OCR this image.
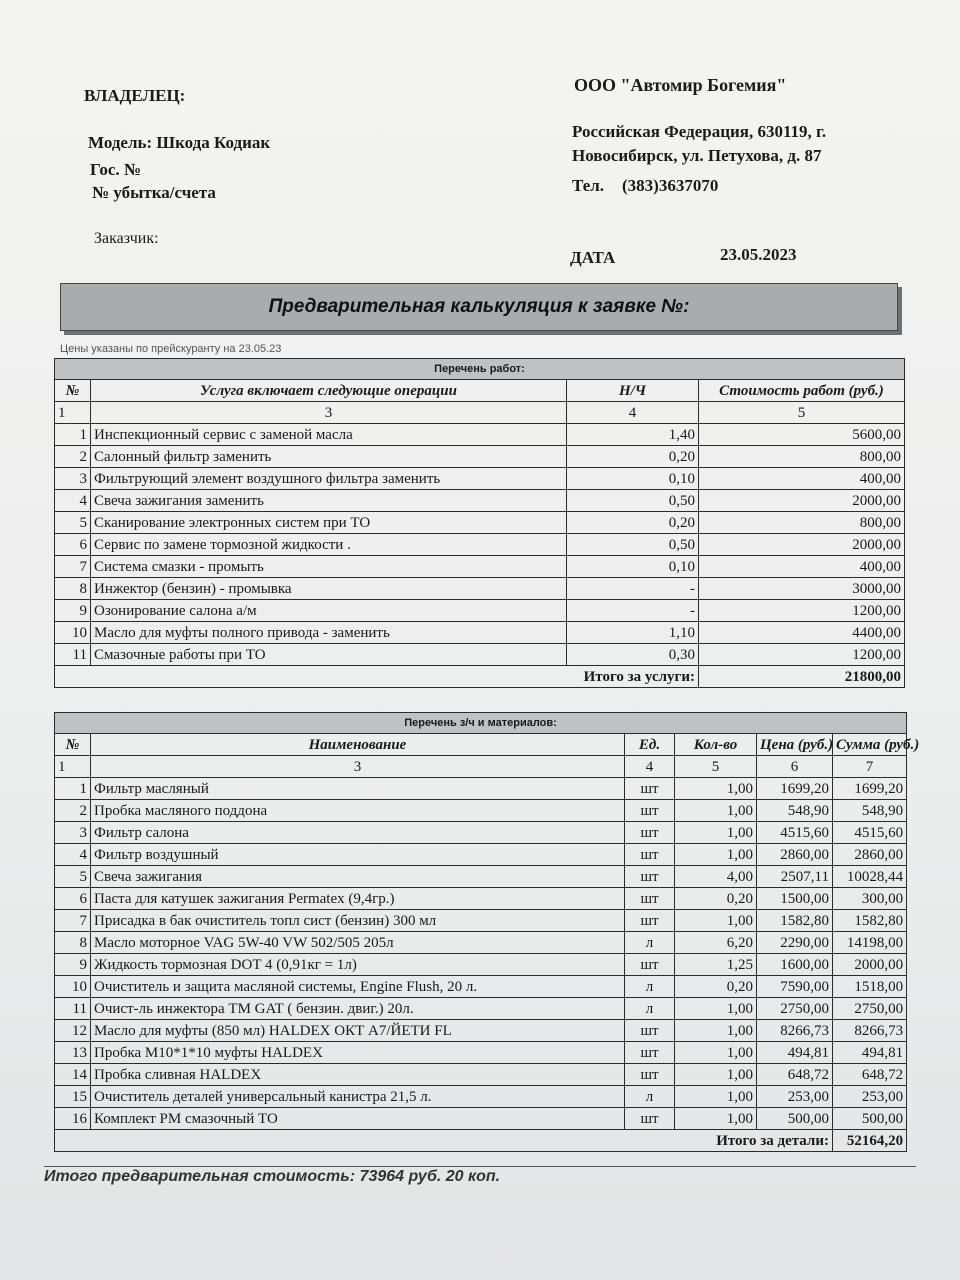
ВЛАДЕЛЕЦ:
Модель: Шкода Кодиак
Гос. №
№ убытка/счета
Заказчик:
ООО "Автомир Богемия"
Российская Федерация, 630119, г.
Новосибирск, ул. Петухова, д. 87
Тел. (383)3637070
ДАТА	23.05.2023
Предварительная калькуляция к заявке №:
Цены указаны по прейскуранту на 23.05.23
Перечень работ:			
№	Услуга включает следующие операции	Н/Ч	Стоимость работ (руб.)
1	3	4	5
1	Инспекционный сервис с заменой масла	1,40	5600,00
2	Салонный фильтр заменить	0,20	800,00
3	Фильтрующий элемент воздушного фильтра заменить	0,10	400,00
4	Свеча зажигания заменить	0,50	2000,00
5	Сканирование электронных систем при ТО	0,20	800,00
6	Сервис по замене тормозной жидкости .	0,50	2000,00
7	Система смазки - промыть	0,10	400,00
8	Инжектор (бензин) - промывка	-	3000,00
9	Озонирование салона а/м	-	1200,00
10	Масло для муфты полного привода - заменить	1,10	4400,00
11	Смазочные работы при ТО	0,30	1200,00
Итого за услуги:			21800,00
Перечень з/ч и материалов:					
№	Наименование	Ед.	Кол-во	Цена (руб.)	Сумма (руб.)
1	3	4	5	6	7
1	Фильтр масляный	шт	1,00	1699,20	1699,20
2	Пробка масляного поддона	шт	1,00	548,90	548,90
3	Фильтр салона	шт	1,00	4515,60	4515,60
4	Фильтр воздушный	шт	1,00	2860,00	2860,00
5	Свеча зажигания	шт	4,00	2507,11	10028,44
6	Паста для катушек зажигания Permatex (9,4гр.)	шт	0,20	1500,00	300,00
7	Присадка в бак очиститель топл сист (бензин) 300 мл	шт	1,00	1582,80	1582,80
8	Масло моторное VAG 5W-40 VW 502/505 205л	л	6,20	2290,00	14198,00
9	Жидкость тормозная DOT 4 (0,91кг = 1л)	шт	1,25	1600,00	2000,00
10	Очиститель и защита масляной системы, Engine Flush, 20 л.	л	0,20	7590,00	1518,00
11	Очист-ль инжектора TM GAT ( бензин. двиг.) 20л.	л	1,00	2750,00	2750,00
12	Масло для муфты (850 мл) HALDEX ОКТ А7/ЙЕТИ FL	шт	1,00	8266,73	8266,73
13	Пробка М10*1*10 муфты HALDEX	шт	1,00	494,81	494,81
14	Пробка сливная HALDEX	шт	1,00	648,72	648,72
15	Очиститель деталей универсальный канистра 21,5 л.	л	1,00	253,00	253,00
16	Комплект РМ смазочный ТО	шт	1,00	500,00	500,00
Итого за детали:					52164,20
Итого предварительная стоимость: 73964 руб. 20 коп.
